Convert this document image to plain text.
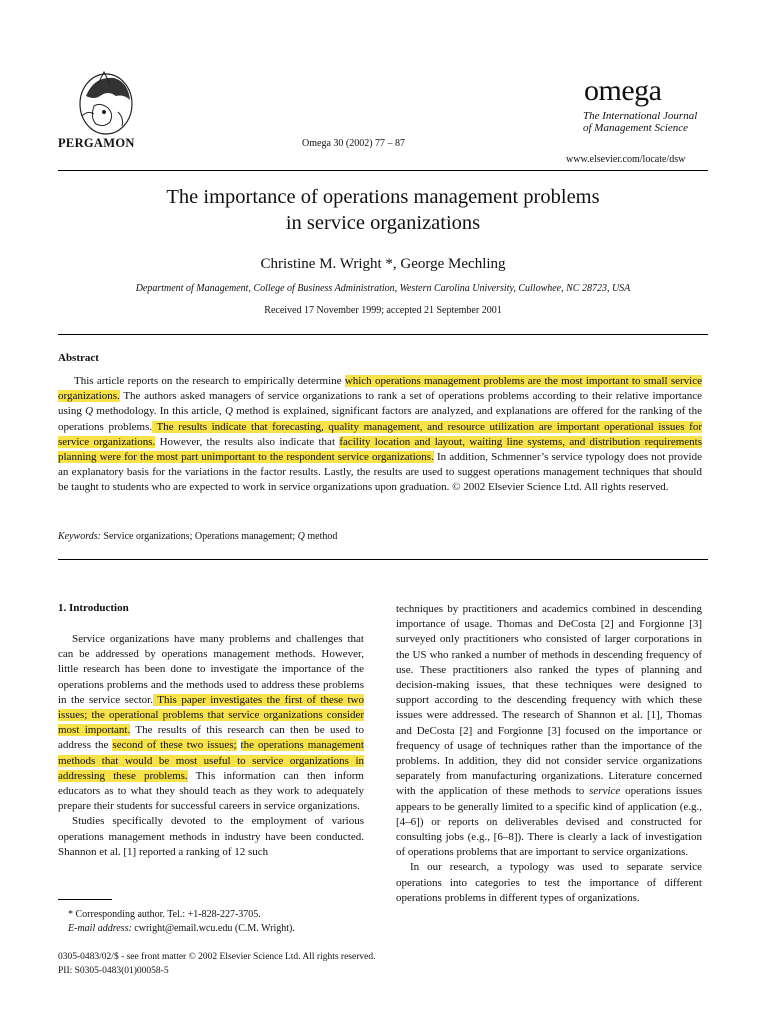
PERGAMON	Omega 30 (2002) 77 – 87
omega
The International Journal
of Management Science
www.elsevier.com/locate/dsw
The importance of operations management problems
in service organizations
Christine M. Wright *, George Mechling
Department of Management, College of Business Administration, Western Carolina University, Cullowhee, NC 28723, USA
Received 17 November 1999; accepted 21 September 2001
Abstract
This article reports on the research to empirically determine which operations management problems are the most important to small service organizations. The authors asked managers of service organizations to rank a set of operations problems according to their relative importance using Q methodology. In this article, Q method is explained, significant factors are analyzed, and explanations are offered for the ranking of the operations problems. The results indicate that forecasting, quality management, and resource utilization are important operational issues for service organizations. However, the results also indicate that facility location and layout, waiting line systems, and distribution requirements planning were for the most part unimportant to the respondent service organizations. In addition, Schmenner’s service typology does not provide an explanatory basis for the variations in the factor results. Lastly, the results are used to suggest operations management techniques that should be taught to students who are expected to work in service organizations upon graduation. © 2002 Elsevier Science Ltd. All rights reserved.
Keywords: Service organizations; Operations management; Q method
1. Introduction

Service organizations have many problems and challenges that can be addressed by operations management methods. However, little research has been done to investigate the importance of the operations problems and the methods used to address these problems in the service sector. This paper investigates the first of these two issues; the operational problems that service organizations consider most important. The results of this research can then be used to address the second of these two issues; the operations management methods that would be most useful to service organizations in addressing these problems. This information can then inform educators as to what they should teach as they work to adequately prepare their students for successful careers in service organizations.

Studies specifically devoted to the employment of various operations management methods in industry have been conducted. Shannon et al. [1] reported a ranking of 12 such

techniques by practitioners and academics combined in descending importance of usage. Thomas and DeCosta [2] and Forgionne [3] surveyed only practitioners who consisted of larger corporations in the US who ranked a number of methods in descending frequency of use. These practitioners also ranked the types of planning and decision-making issues, that these techniques were designed to support according to the descending frequency with which these issues were addressed. The research of Shannon et al. [1], Thomas and DeCosta [2] and Forgionne [3] focused on the importance or frequency of usage of techniques rather than the importance of the problems. In addition, they did not consider service organizations separately from manufacturing organizations. Literature concerned with the application of these methods to service operations issues appears to be generally limited to a specific kind of application (e.g., [4–6]) or reports on deliverables devised and constructed for consulting jobs (e.g., [6–8]). There is clearly a lack of investigation of operations problems that are important to service organizations.

In our research, a typology was used to separate service operations into categories to test the importance of different operations problems in different types of organizations.

* Corresponding author. Tel.: +1-828-227-3705.
E-mail address: cwright@email.wcu.edu (C.M. Wright).
0305-0483/02/$ - see front matter © 2002 Elsevier Science Ltd. All rights reserved.
PII: S0305-0483(01)00058-5
